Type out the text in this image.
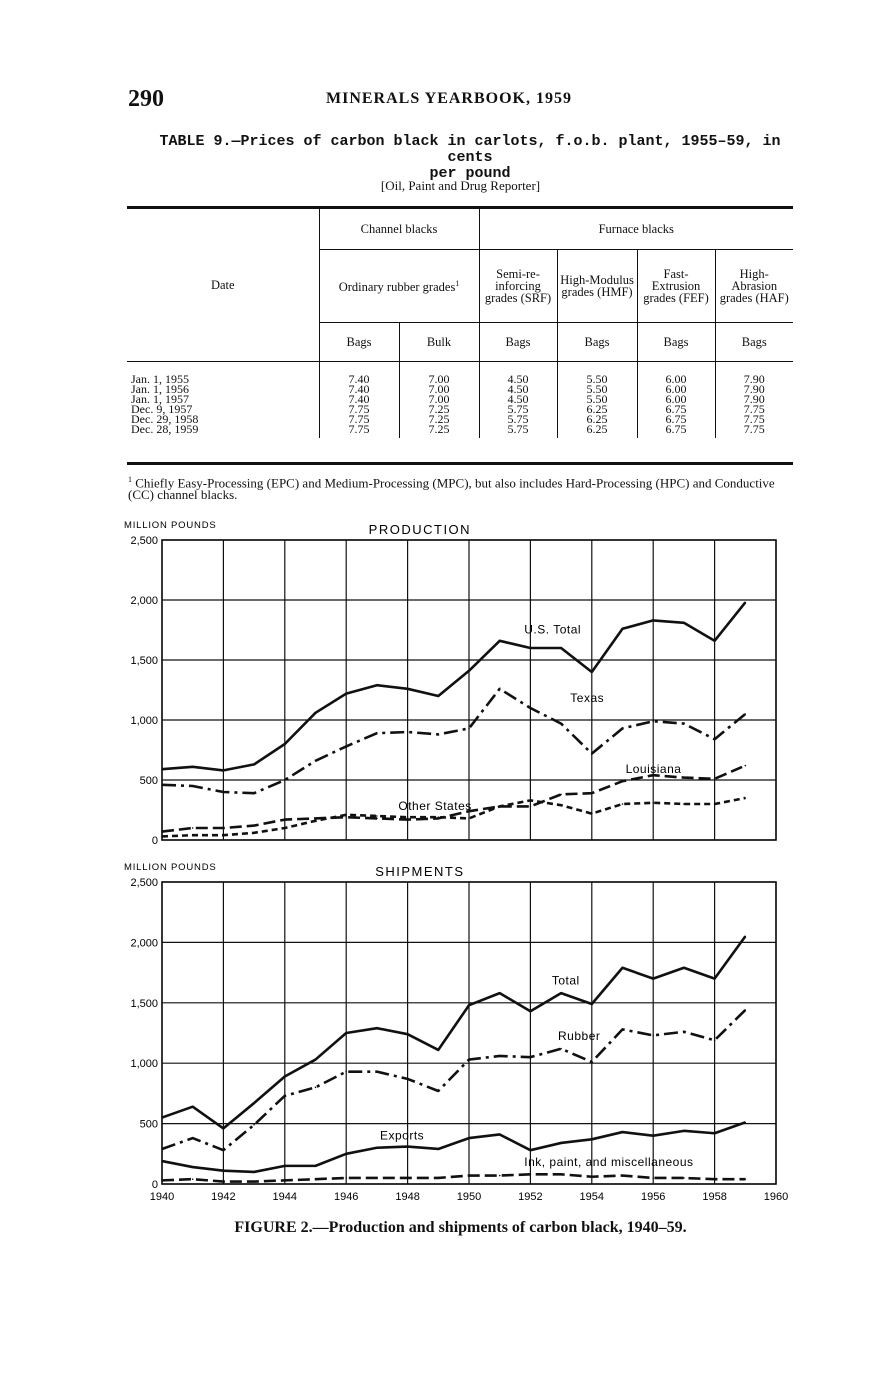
290	MINERALS YEARBOOK, 1959
TABLE 9.—Prices of carbon black in carlots, f.o.b. plant, 1955–59, in cents
per pound
[Oil, Paint and Drug Reporter]
Date	Channel blacks		Furnace blacks			
	Ordinary rubber grades$^1$		Semi-re-inforcing grades (SRF)	High-Modulus grades (HMF)	Fast-Extrusion grades (FEF)	High-Abrasion grades (HAF)
	Bags	Bulk	Bags	Bags	Bags	Bags
Jan. 1, 1955	7.40	7.00	4.50	5.50	6.00	7.90
Jan. 1, 1956	7.40	7.00	4.50	5.50	6.00	7.90
Jan. 1, 1957	7.40	7.00	4.50	5.50	6.00	7.90
Dec. 9, 1957	7.75	7.25	5.75	6.25	6.75	7.75
Dec. 29, 1958	7.75	7.25	5.75	6.25	6.75	7.75
Dec. 28, 1959	7.75	7.25	5.75	6.25	6.75	7.75
$^1$ Chiefly Easy-Processing (EPC) and Medium-Processing (MPC), but also includes Hard-Processing (HPC) and Conductive (CC) channel blacks.
0
500
1,000
1,500
2,000
2,500
MILLION POUNDS	PRODUCTION
U.S. Total
Texas
Louisiana
Other States
0
500
1,000
1,500
2,000
2,500
MILLION POUNDS	SHIPMENTS
1940	1942	1944	1946	1948	1950	1952	1954	1956	1958	1960
Total
Rubber
Exports
Ink, paint, and miscellaneous
FIGURE 2.—Production and shipments of carbon black, 1940–59.
